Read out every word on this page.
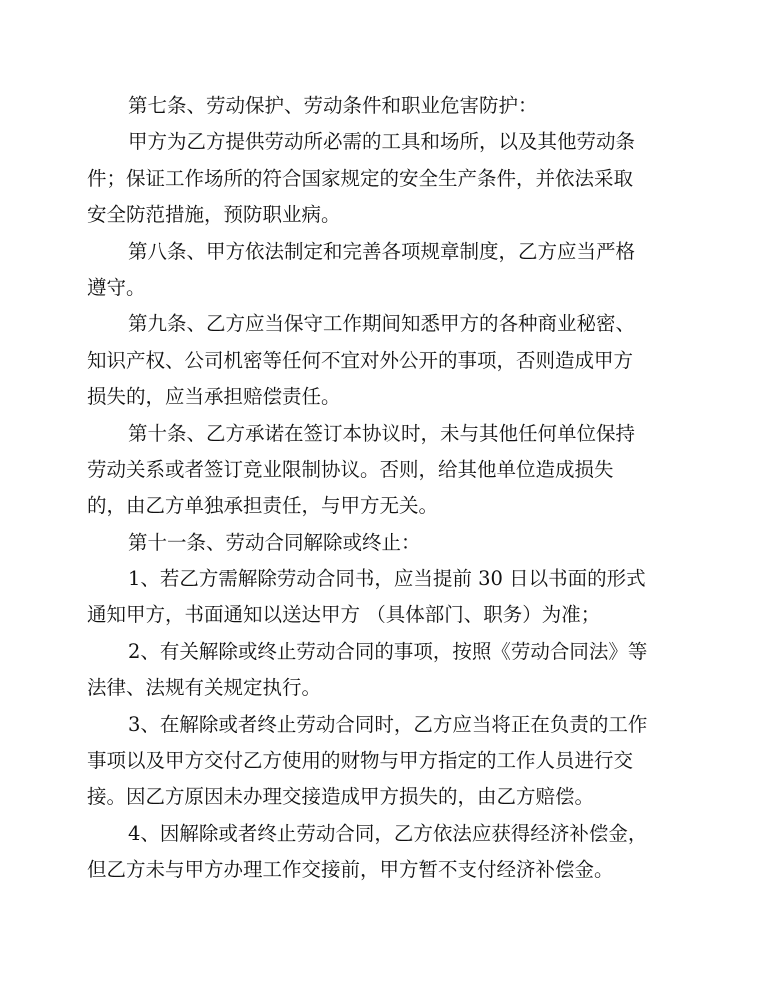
第七条、劳动保护、劳动条件和职业危害防护：
甲方为乙方提供劳动所必需的工具和场所，以及其他劳动条
件；保证工作场所的符合国家规定的安全生产条件，并依法采取
安全防范措施，预防职业病。
第八条、甲方依法制定和完善各项规章制度，乙方应当严格
遵守。
第九条、乙方应当保守工作期间知悉甲方的各种商业秘密、
知识产权、公司机密等任何不宜对外公开的事项，否则造成甲方
损失的，应当承担赔偿责任。
第十条、乙方承诺在签订本协议时，未与其他任何单位保持
劳动关系或者签订竞业限制协议。否则，给其他单位造成损失
的，由乙方单独承担责任，与甲方无关。
第十一条、劳动合同解除或终止：
1、若乙方需解除劳动合同书，应当提前 30 日以书面的形式
通知甲方，书面通知以送达甲方 （具体部门、职务）为准；
2、有关解除或终止劳动合同的事项，按照《劳动合同法》等
法律、法规有关规定执行。
3、在解除或者终止劳动合同时，乙方应当将正在负责的工作
事项以及甲方交付乙方使用的财物与甲方指定的工作人员进行交
接。因乙方原因未办理交接造成甲方损失的，由乙方赔偿。
4、因解除或者终止劳动合同，乙方依法应获得经济补偿金，
但乙方未与甲方办理工作交接前，甲方暂不支付经济补偿金。
